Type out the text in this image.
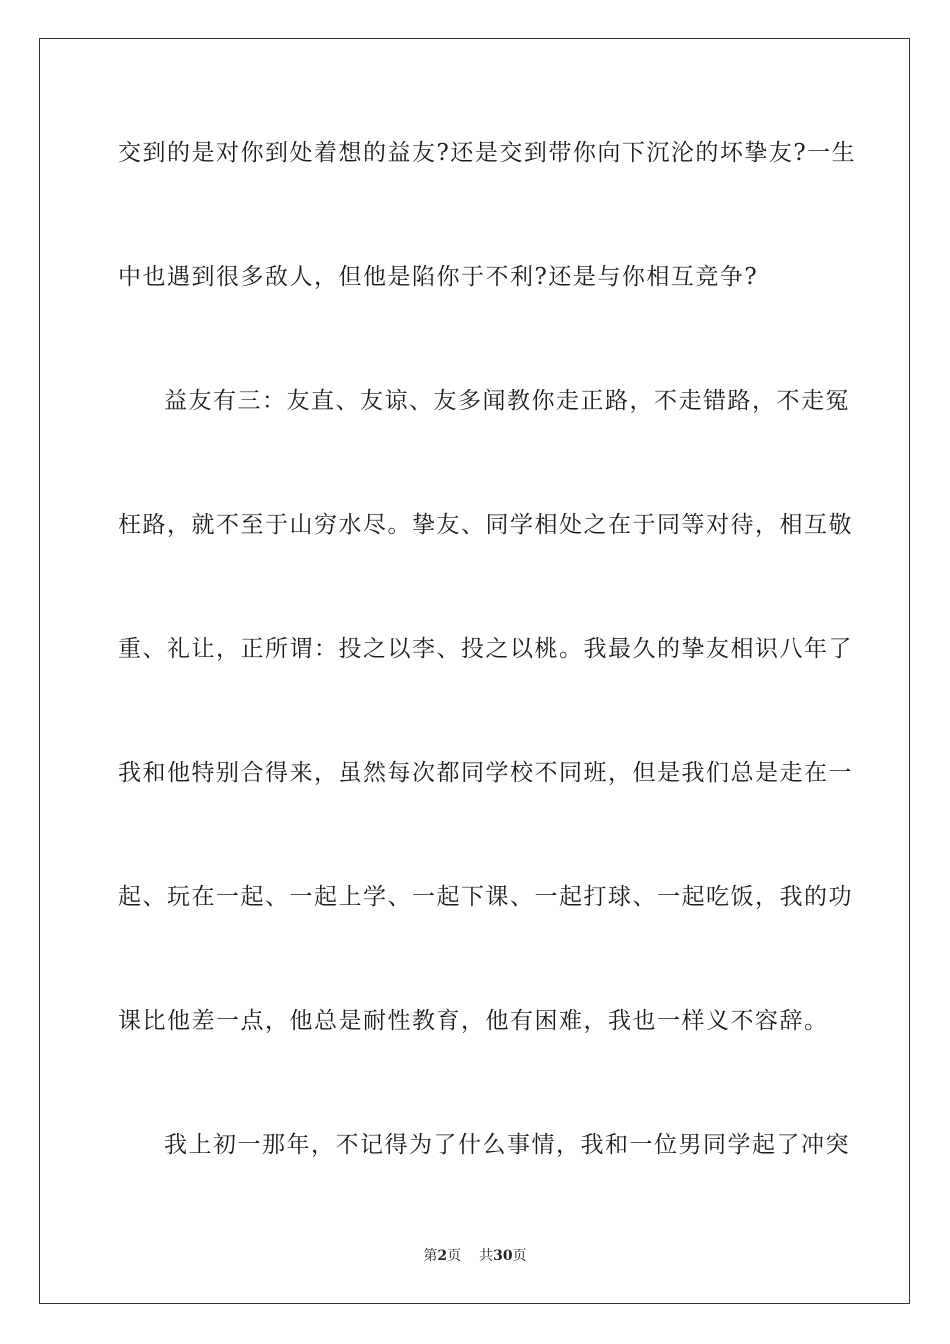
交到的是对你到处着想的益友?还是交到带你向下沉沦的坏挚友?一生
中也遇到很多敌人，但他是陷你于不利?还是与你相互竞争?
益友有三：友直、友谅、友多闻教你走正路，不走错路，不走冤
枉路，就不至于山穷水尽。挚友、同学相处之在于同等对待，相互敬
重、礼让，正所谓：投之以李、投之以桃。我最久的挚友相识八年了
我和他特别合得来，虽然每次都同学校不同班，但是我们总是走在一
起、玩在一起、一起上学、一起下课、一起打球、一起吃饭，我的功
课比他差一点，他总是耐性教育，他有困难，我也一样义不容辞。
我上初一那年，不记得为了什么事情，我和一位男同学起了冲突
第2页 共30页
